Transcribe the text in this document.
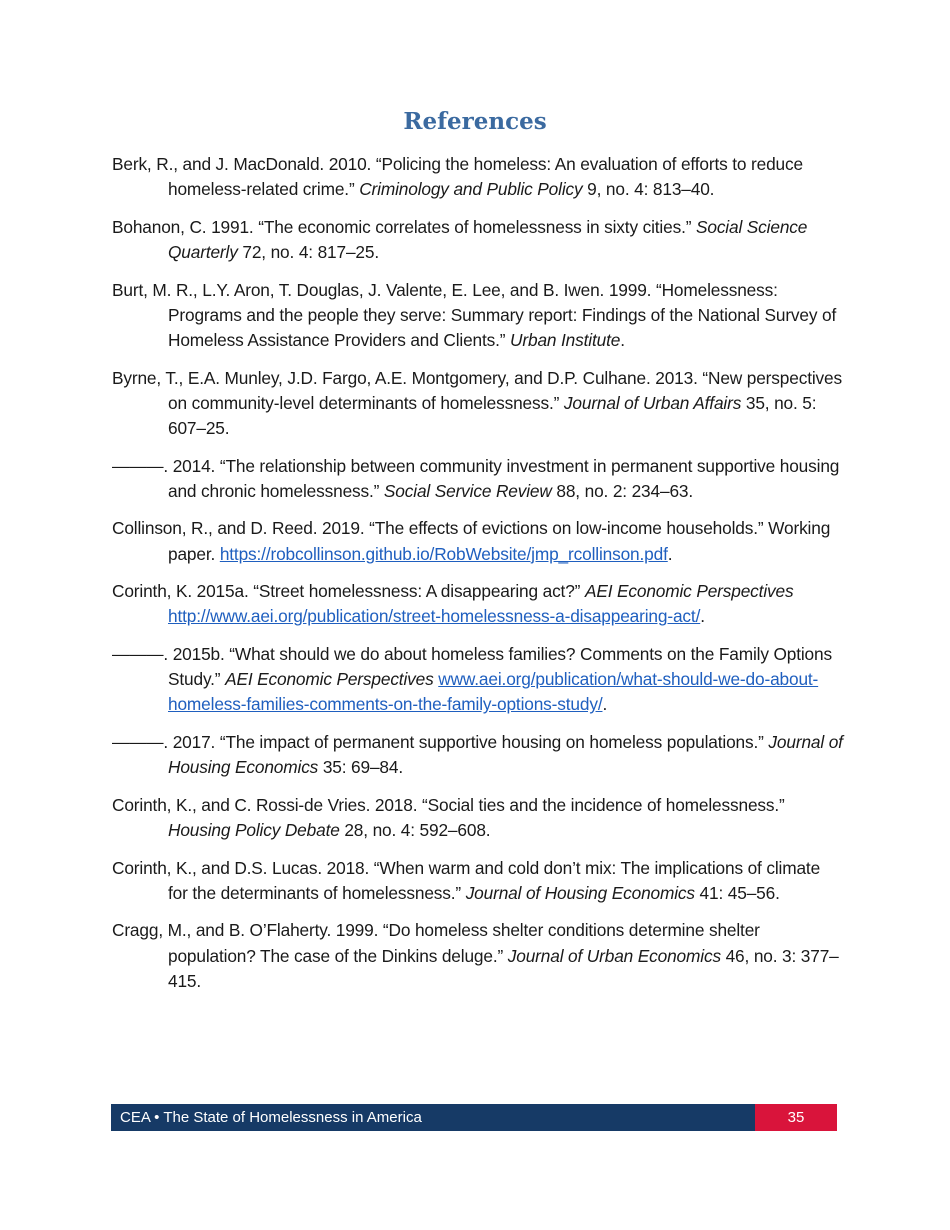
References

Berk, R., and J. MacDonald. 2010. “Policing the homeless: An evaluation of efforts to reduce homeless-related crime.” Criminology and Public Policy 9, no. 4: 813–40.

Bohanon, C. 1991. “The economic correlates of homelessness in sixty cities.” Social Science Quarterly 72, no. 4: 817–25.

Burt, M. R., L.Y. Aron, T. Douglas, J. Valente, E. Lee, and B. Iwen. 1999. “Homelessness: Programs and the people they serve: Summary report: Findings of the National Survey of Homeless Assistance Providers and Clients.” Urban Institute.

Byrne, T., E.A. Munley, J.D. Fargo, A.E. Montgomery, and D.P. Culhane. 2013. “New perspectives on community-level determinants of homelessness.” Journal of Urban Affairs 35, no. 5: 607–25.

———. 2014. “The relationship between community investment in permanent supportive housing and chronic homelessness.” Social Service Review 88, no. 2: 234–63.

Collinson, R., and D. Reed. 2019. “The effects of evictions on low-income households.” Working paper. https://robcollinson.github.io/RobWebsite/jmp_rcollinson.pdf.

Corinth, K. 2015a. “Street homelessness: A disappearing act?” AEI Economic Perspectives http://www.aei.org/publication/street-homelessness-a-disappearing-act/.

———. 2015b. “What should we do about homeless families? Comments on the Family Options Study.” AEI Economic Perspectives www.aei.org/publication/what-should-we-do-about-homeless-families-comments-on-the-family-options-study/.

———. 2017. “The impact of permanent supportive housing on homeless populations.” Journal of Housing Economics 35: 69–84.

Corinth, K., and C. Rossi-de Vries. 2018. “Social ties and the incidence of homelessness.” Housing Policy Debate 28, no. 4: 592–608.

Corinth, K., and D.S. Lucas. 2018. “When warm and cold don’t mix: The implications of climate for the determinants of homelessness.” Journal of Housing Economics 41: 45–56.

Cragg, M., and B. O’Flaherty. 1999. “Do homeless shelter conditions determine shelter population? The case of the Dinkins deluge.” Journal of Urban Economics 46, no. 3: 377–415.

CEA • The State of Homelessness in America	35
